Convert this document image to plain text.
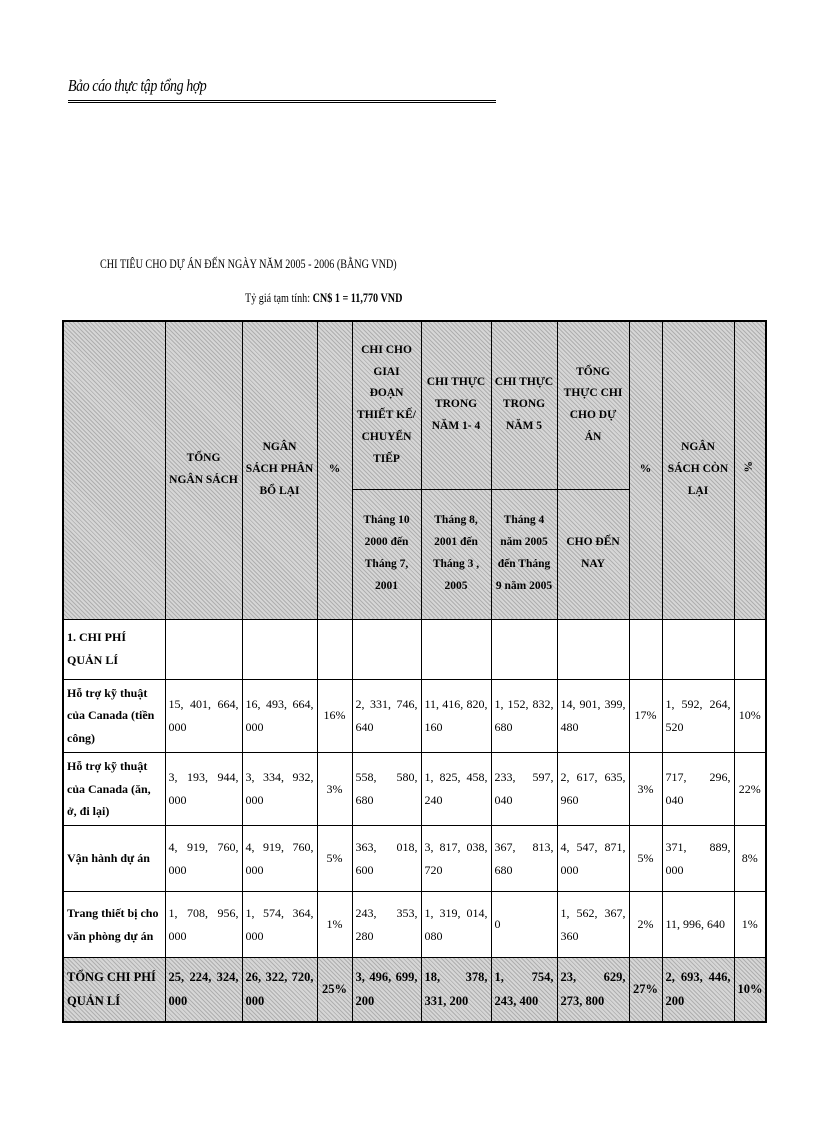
Bảo cáo thực tập tổng hợp
CHI TIÊU CHO DỰ ÁN ĐẾN NGÀY NĂM 2005 - 2006 (BẰNG VND)
Tỷ giá tạm tính: CN$ 1 = 11,770 VND
	TỔNG NGÂN SÁCH	NGÂN SÁCH PHÂN BỔ LẠI	%	CHI CHO GIAI ĐOẠN THIẾT KẾ/ CHUYỂN TIẾP	CHI THỰC TRONG NĂM 1- 4	CHI THỰC TRONG NĂM 5	TỔNG THỰC CHI CHO DỰ ÁN	%	NGÂN SÁCH CÒN LẠI	%
				Tháng 10 2000 đến Tháng 7, 2001	Tháng 8, 2001 đến Tháng 3 , 2005	Tháng 4 năm 2005 đến Tháng 9 năm 2005	CHO ĐẾN NAY			
1. CHI PHÍ QUẢN LÍ										
Hỗ trợ kỹ thuật của Canada (tiền công)	15, 401, 664, 000	16, 493, 664, 000	16%	2, 331, 746, 640	11, 416, 820, 160	1, 152, 832, 680	14, 901, 399, 480	17%	1, 592, 264, 520	10%
Hỗ trợ kỹ thuật của Canada (ăn, ở, đi lại)	3, 193, 944, 000	3, 334, 932, 000	3%	558, 580, 680	1, 825, 458, 240	233, 597, 040	2, 617, 635, 960	3%	717, 296, 040	22%
Vận hành dự án	4, 919, 760, 000	4, 919, 760, 000	5%	363, 018, 600	3, 817, 038, 720	367, 813, 680	4, 547, 871, 000	5%	371, 889, 000	8%
Trang thiết bị cho văn phòng dự án	1, 708, 956, 000	1, 574, 364, 000	1%	243, 353, 280	1, 319, 014, 080	0	1, 562, 367, 360	2%	11, 996, 640	1%
TỔNG CHI PHÍ QUẢN LÍ	25, 224, 324, 000	26, 322, 720, 000	25%	3, 496, 699, 200	18, 378, 331, 200	1, 754, 243, 400	23, 629, 273, 800	27%	2, 693, 446, 200	10%
